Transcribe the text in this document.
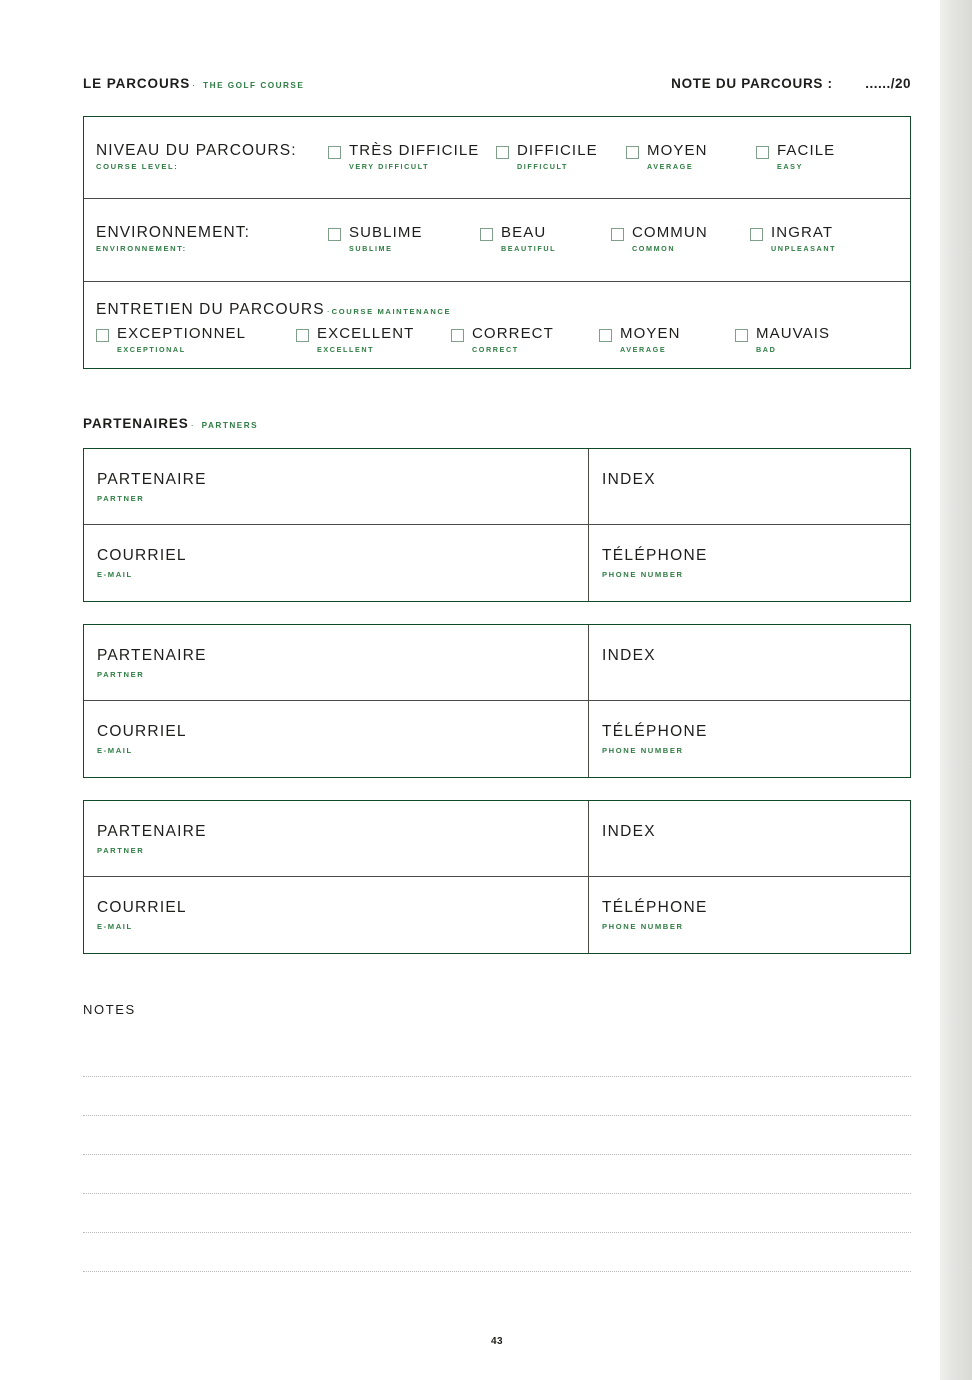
LE PARCOURS · THE GOLF COURSE	NOTE DU PARCOURS : ....../20
NIVEAU DU PARCOURS:
COURSE LEVEL:
TRÈS DIFFICILE
VERY DIFFICULT
DIFFICILE
DIFFICULT
MOYEN
AVERAGE
FACILE
EASY
ENVIRONNEMENT:
ENVIRONNEMENT:
SUBLIME
SUBLIME
BEAU
BEAUTIFUL
COMMUN
COMMON
INGRAT
UNPLEASANT
ENTRETIEN DU PARCOURS · COURSE MAINTENANCE
EXCEPTIONNEL
EXCEPTIONAL
EXCELLENT
EXCELLENT
CORRECT
CORRECT
MOYEN
AVERAGE
MAUVAIS
BAD
PARTENAIRES · PARTNERS
PARTENAIRE
PARTNER
INDEX
COURRIEL
E-MAIL
TÉLÉPHONE
PHONE NUMBER
PARTENAIRE
PARTNER
INDEX
COURRIEL
E-MAIL
TÉLÉPHONE
PHONE NUMBER
PARTENAIRE
PARTNER
INDEX
COURRIEL
E-MAIL
TÉLÉPHONE
PHONE NUMBER
NOTES
43
